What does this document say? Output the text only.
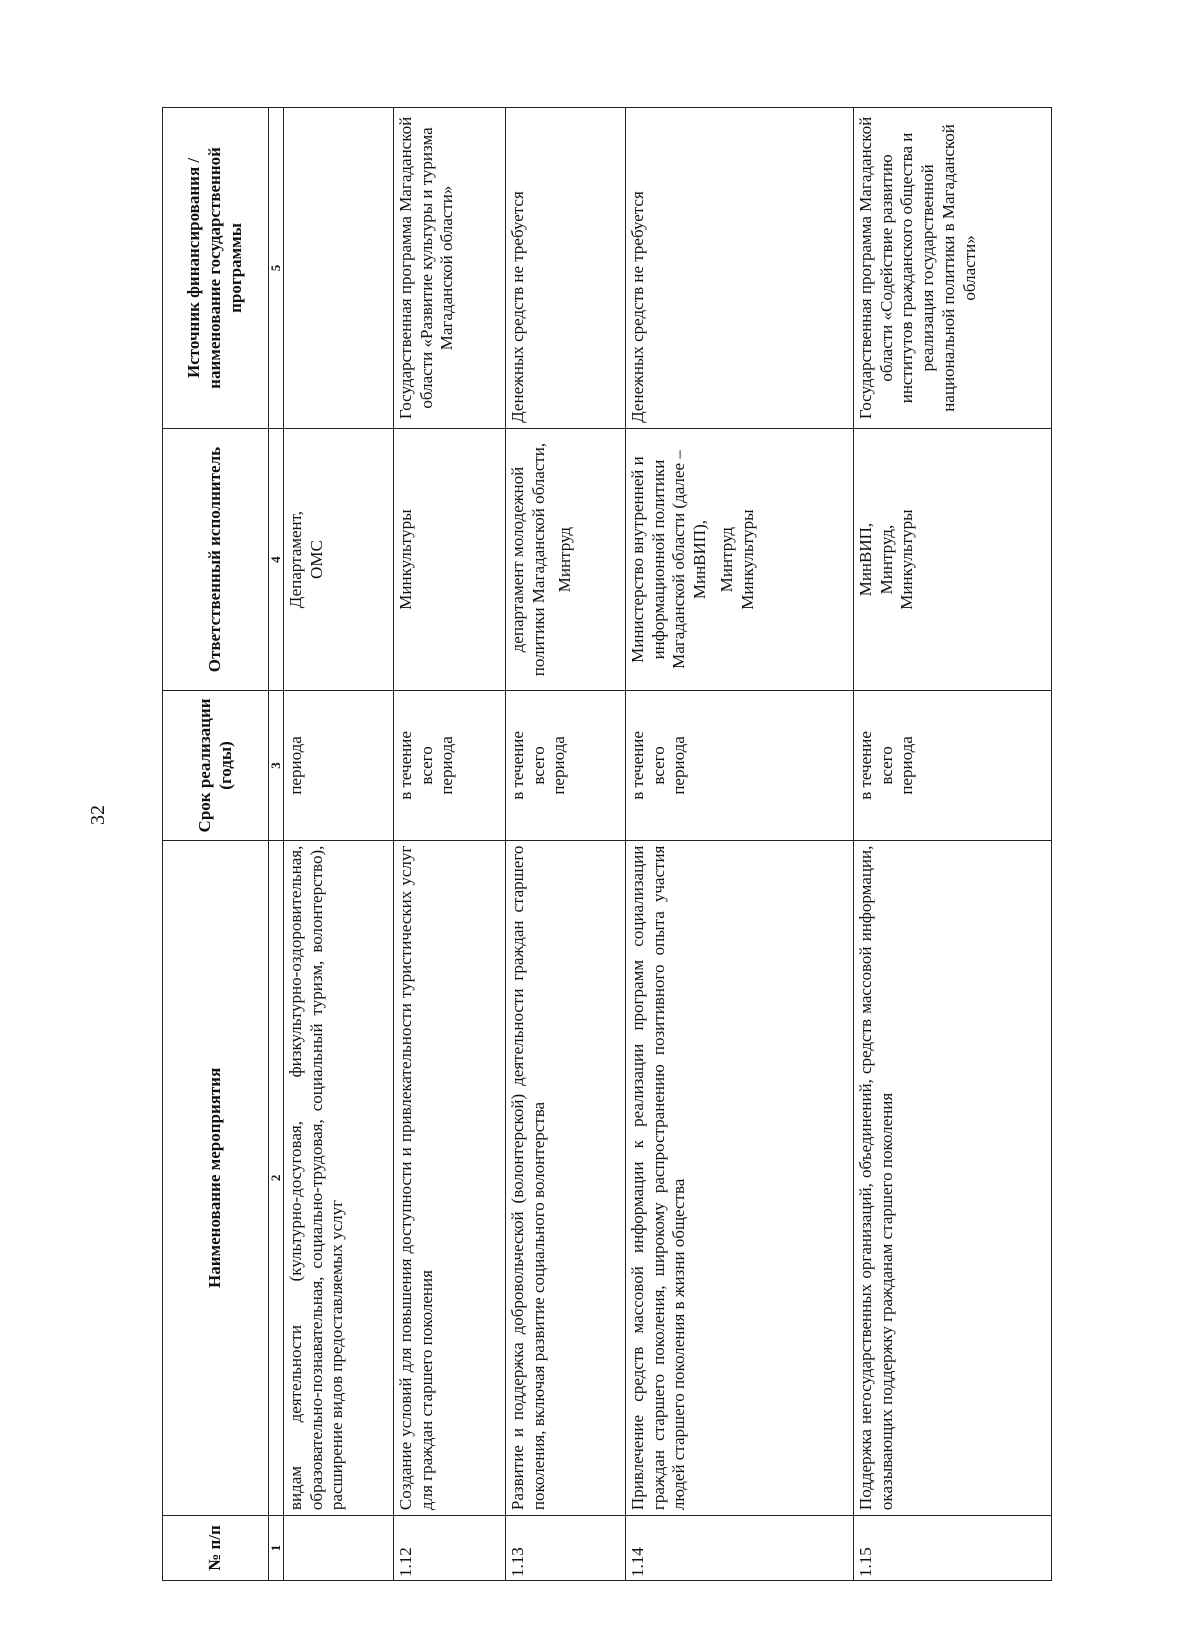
32
№ п/п	Наименование мероприятия	Срок реализации (годы)	Ответственный исполнитель	Источник финансирования / наименование государственной программы
1	2	3	4	5
	видам деятельности (культурно-досуговая, физкультурно-оздоровительная, образовательно-познавательная, социально-трудовая, социальный туризм, волонтерство), расширение видов предоставляемых услуг	периода	Департамент, ОМС	

1.12	Создание условий для повышения доступности и привлекательности туристических услуг для граждан старшего поколения	в течение всего периода	Минкультуры	Государственная программа Магаданской области «Развитие культуры и туризма Магаданской области»
1.13	Развитие и поддержка добровольческой (волонтерской) деятельности граждан старшего поколения, включая развитие социального волонтерства	в течение всего периода	департамент молодежной политики Магаданской области, Минтруд	Денежных средств не требуется
1.14	Привлечение средств массовой информации к реализации программ социализации граждан старшего поколения, широкому распространению позитивного опыта участия людей старшего поколения в жизни общества	в течение всего периода	Министерство внутренней и информационной политики Магаданской области (далее – МинВИП), Минтруд Минкультуры	Денежных средств не требуется
1.15	Поддержка негосударственных организаций, объединений, средств массовой информации, оказывающих поддержку гражданам старшего поколения	в течение всего периода	МинВИП, Минтруд, Минкультуры	Государственная программа Магаданской области «Содействие развитию институтов гражданского общества и реализация государственной национальной политики в Магаданской области»
